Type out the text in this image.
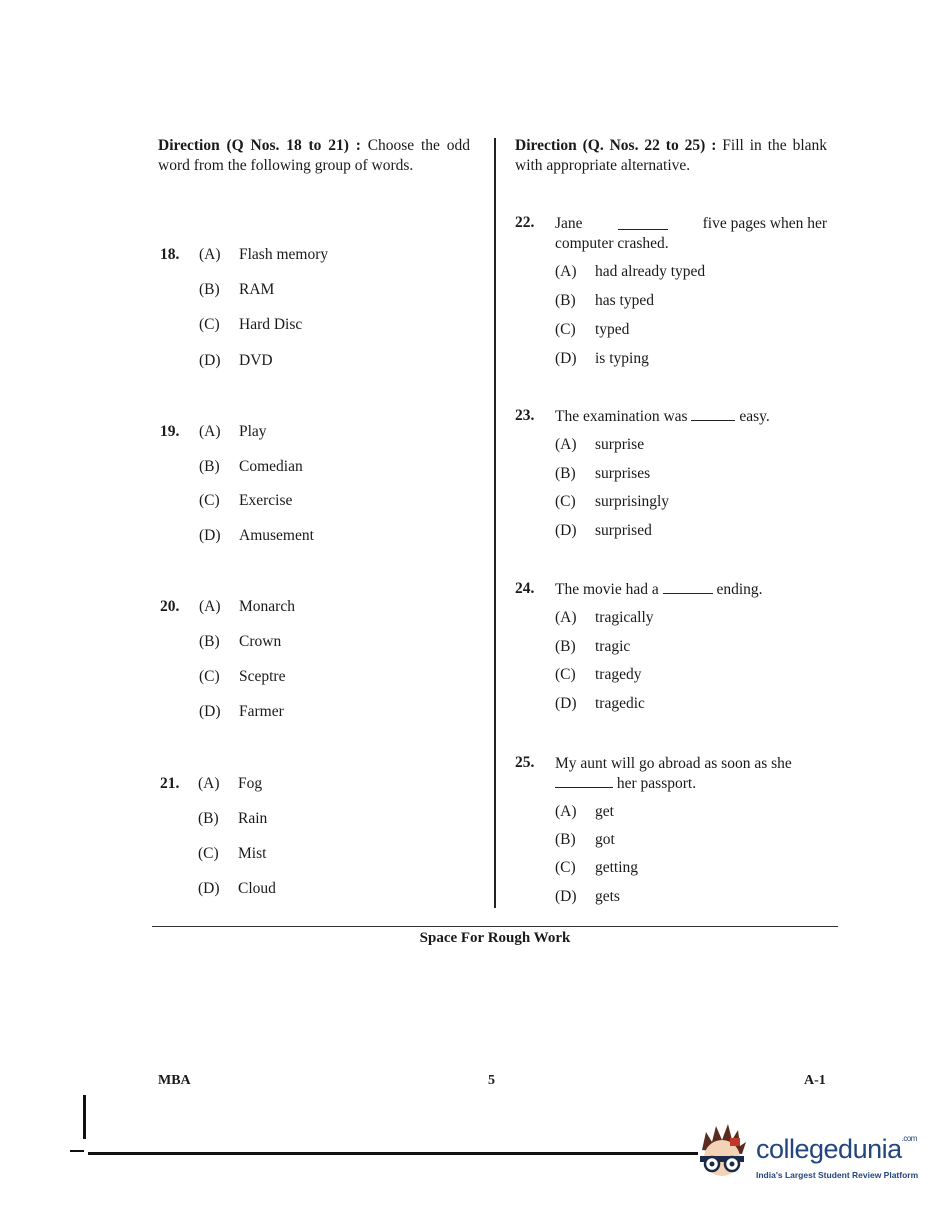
Direction (Q Nos. 18 to 21) : Choose the odd word from the following group of words.
18. (A) Flash memory
(B) RAM
(C) Hard Disc
(D) DVD
19. (A) Play
(B) Comedian
(C) Exercise
(D) Amusement
20. (A) Monarch
(B) Crown
(C) Sceptre
(D) Farmer
21. (A) Fog
(B) Rain
(C) Mist
(D) Cloud
Direction (Q. Nos. 22 to 25) : Fill in the blank with appropriate alternative.
22. Jane	five pages when her
computer crashed.
(A) had already typed
(B) has typed
(C) typed
(D) is typing
23. The examination was	easy.
(A) surprise
(B) surprises
(C) surprisingly
(D) surprised
24. The movie had a	ending.
(A) tragically
(B) tragic
(C) tragedy
(D) tragedic
25. My aunt will go abroad as soon as she
her passport.
(A) get
(B) got
(C) getting
(D) gets
Space For Rough Work
MBA	5	A-1
collegedunia$^{.com}$
India's Largest Student Review Platform
